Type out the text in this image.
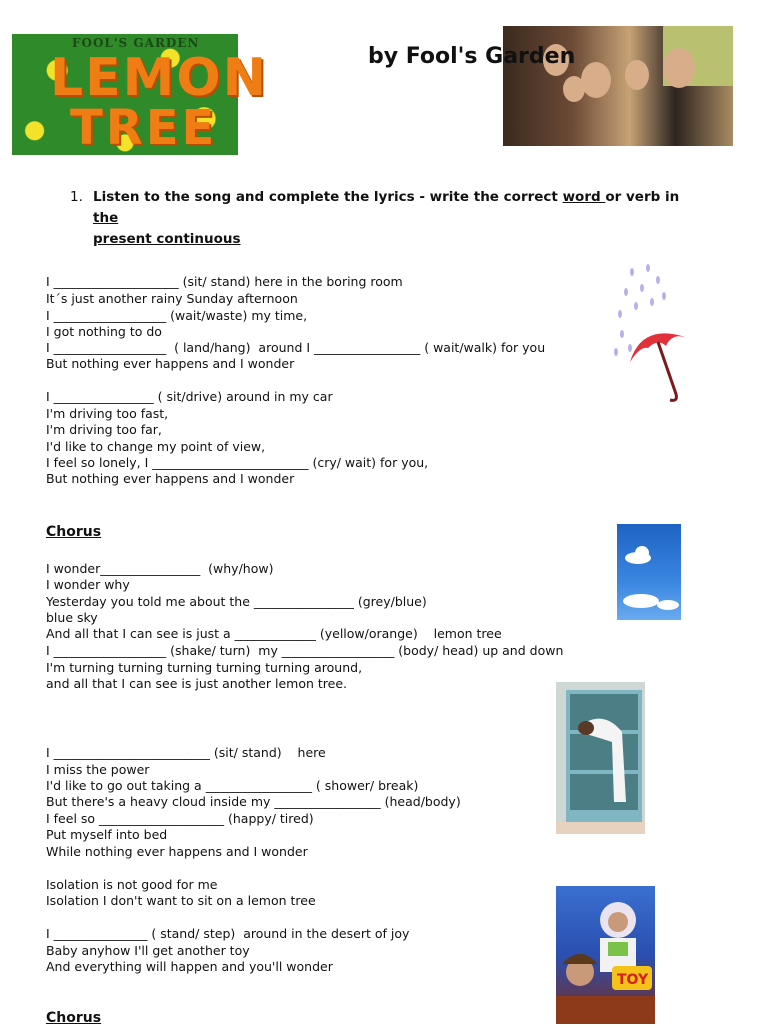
FOOL'S GARDEN
LEMON
TREE
by Fool's Garden
1. Listen to the song and complete the lyrics - write the correct word or verb in the
present continuous
I ____________________ (sit/ stand) here in the boring room
It´s just another rainy Sunday afternoon
I __________________ (wait/waste) my time,
I got nothing to do
I __________________  ( land/hang)  around I _________________ ( wait/walk) for you
But nothing ever happens and I wonder
I ________________ ( sit/drive) around in my car
I'm driving too fast,
I'm driving too far,
I'd like to change my point of view,
I feel so lonely, I _________________________ (cry/ wait) for you,
But nothing ever happens and I wonder
Chorus
I wonder________________  (why/how)
I wonder why
Yesterday you told me about the ________________ (grey/blue)
blue sky
And all that I can see is just a _____________ (yellow/orange)    lemon tree
I __________________ (shake/ turn)  my __________________ (body/ head) up and down
I'm turning turning turning turning turning around,
and all that I can see is just another lemon tree.
I _________________________ (sit/ stand)    here
I miss the power
I'd like to go out taking a _________________ ( shower/ break)
But there's a heavy cloud inside my _________________ (head/body)
I feel so ____________________ (happy/ tired)
Put myself into bed
While nothing ever happens and I wonder
Isolation is not good for me
Isolation I don't want to sit on a lemon tree
I _______________ ( stand/ step)  around in the desert of joy
Baby anyhow I'll get another toy
And everything will happen and you'll wonder
Chorus
TOY
